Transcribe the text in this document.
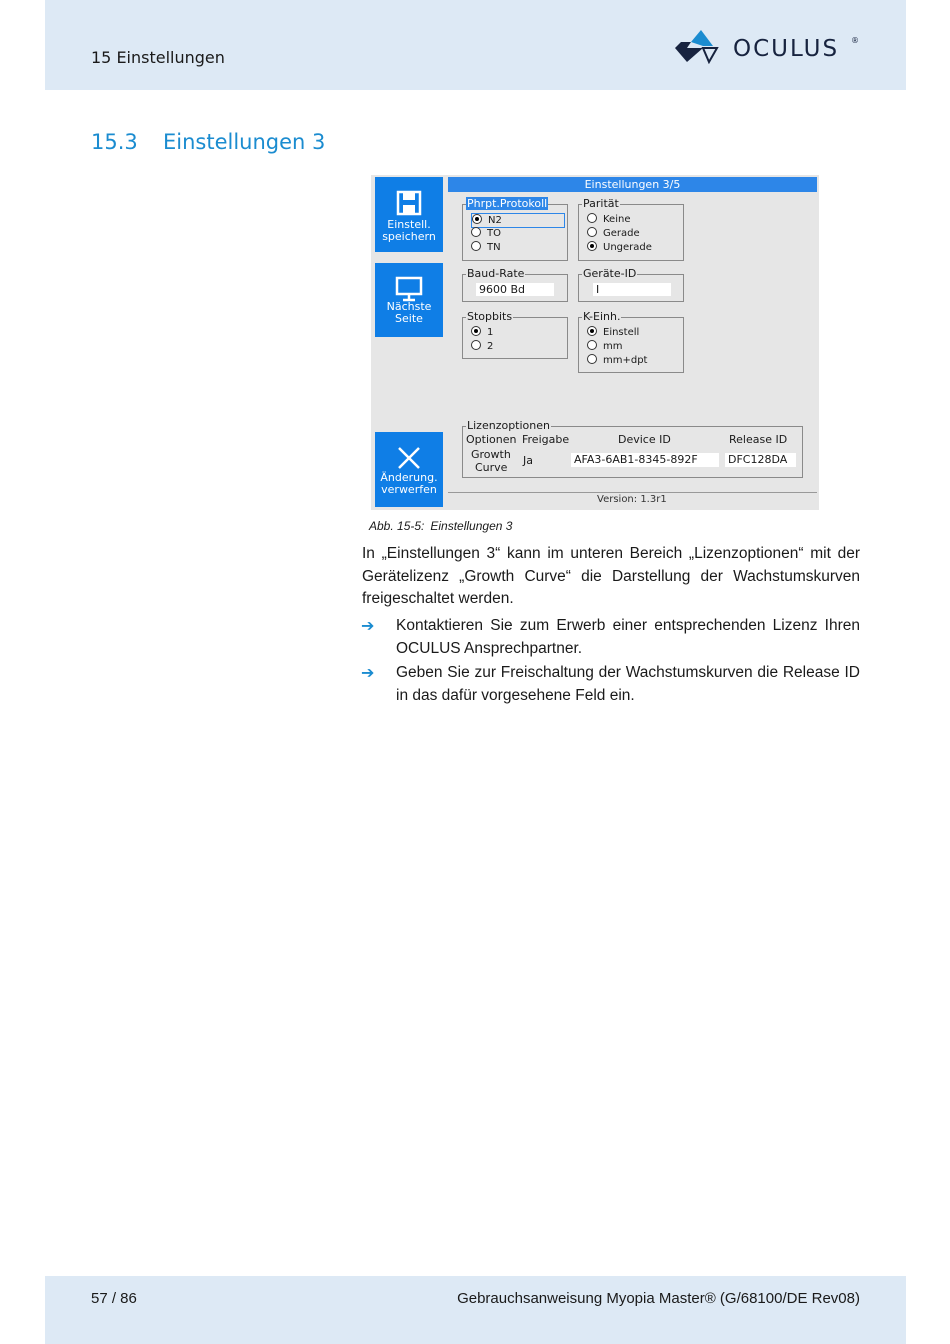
15 Einstellungen	OCULUS ®
15.3 Einstellungen 3
Einstell.
speichern
Nächste
Seite
Änderung.
verwerfen
Einstellungen 3/5
Phrpt.Protokoll
N2
TO
TN
Parität
Keine
Gerade
Ungerade
Baud-Rate
9600 Bd
Geräte-ID
I
Stopbits
1
2
K-Einh.
Einstell
mm
mm+dpt
Lizenzoptionen
Optionen Freigabe	Device ID	Release ID
Growth
Curve
Ja	AFA3-6AB1-8345-892F	DFC128DA
Version: 1.3r1
Abb. 15-5: Einstellungen 3
In „Einstellungen 3“ kann im unteren Bereich „Lizenzoptionen“ mit der Gerätelizenz „Growth Curve“ die Darstellung der Wachstumskurven freigeschaltet werden.
➔ Kontaktieren Sie zum Erwerb einer entsprechenden Lizenz Ihren OCULUS Ansprechpartner.
➔ Geben Sie zur Freischaltung der Wachstumskurven die Release ID in das dafür vorgesehene Feld ein.
57 / 86	Gebrauchsanweisung Myopia Master® (G/68100/DE Rev08)
